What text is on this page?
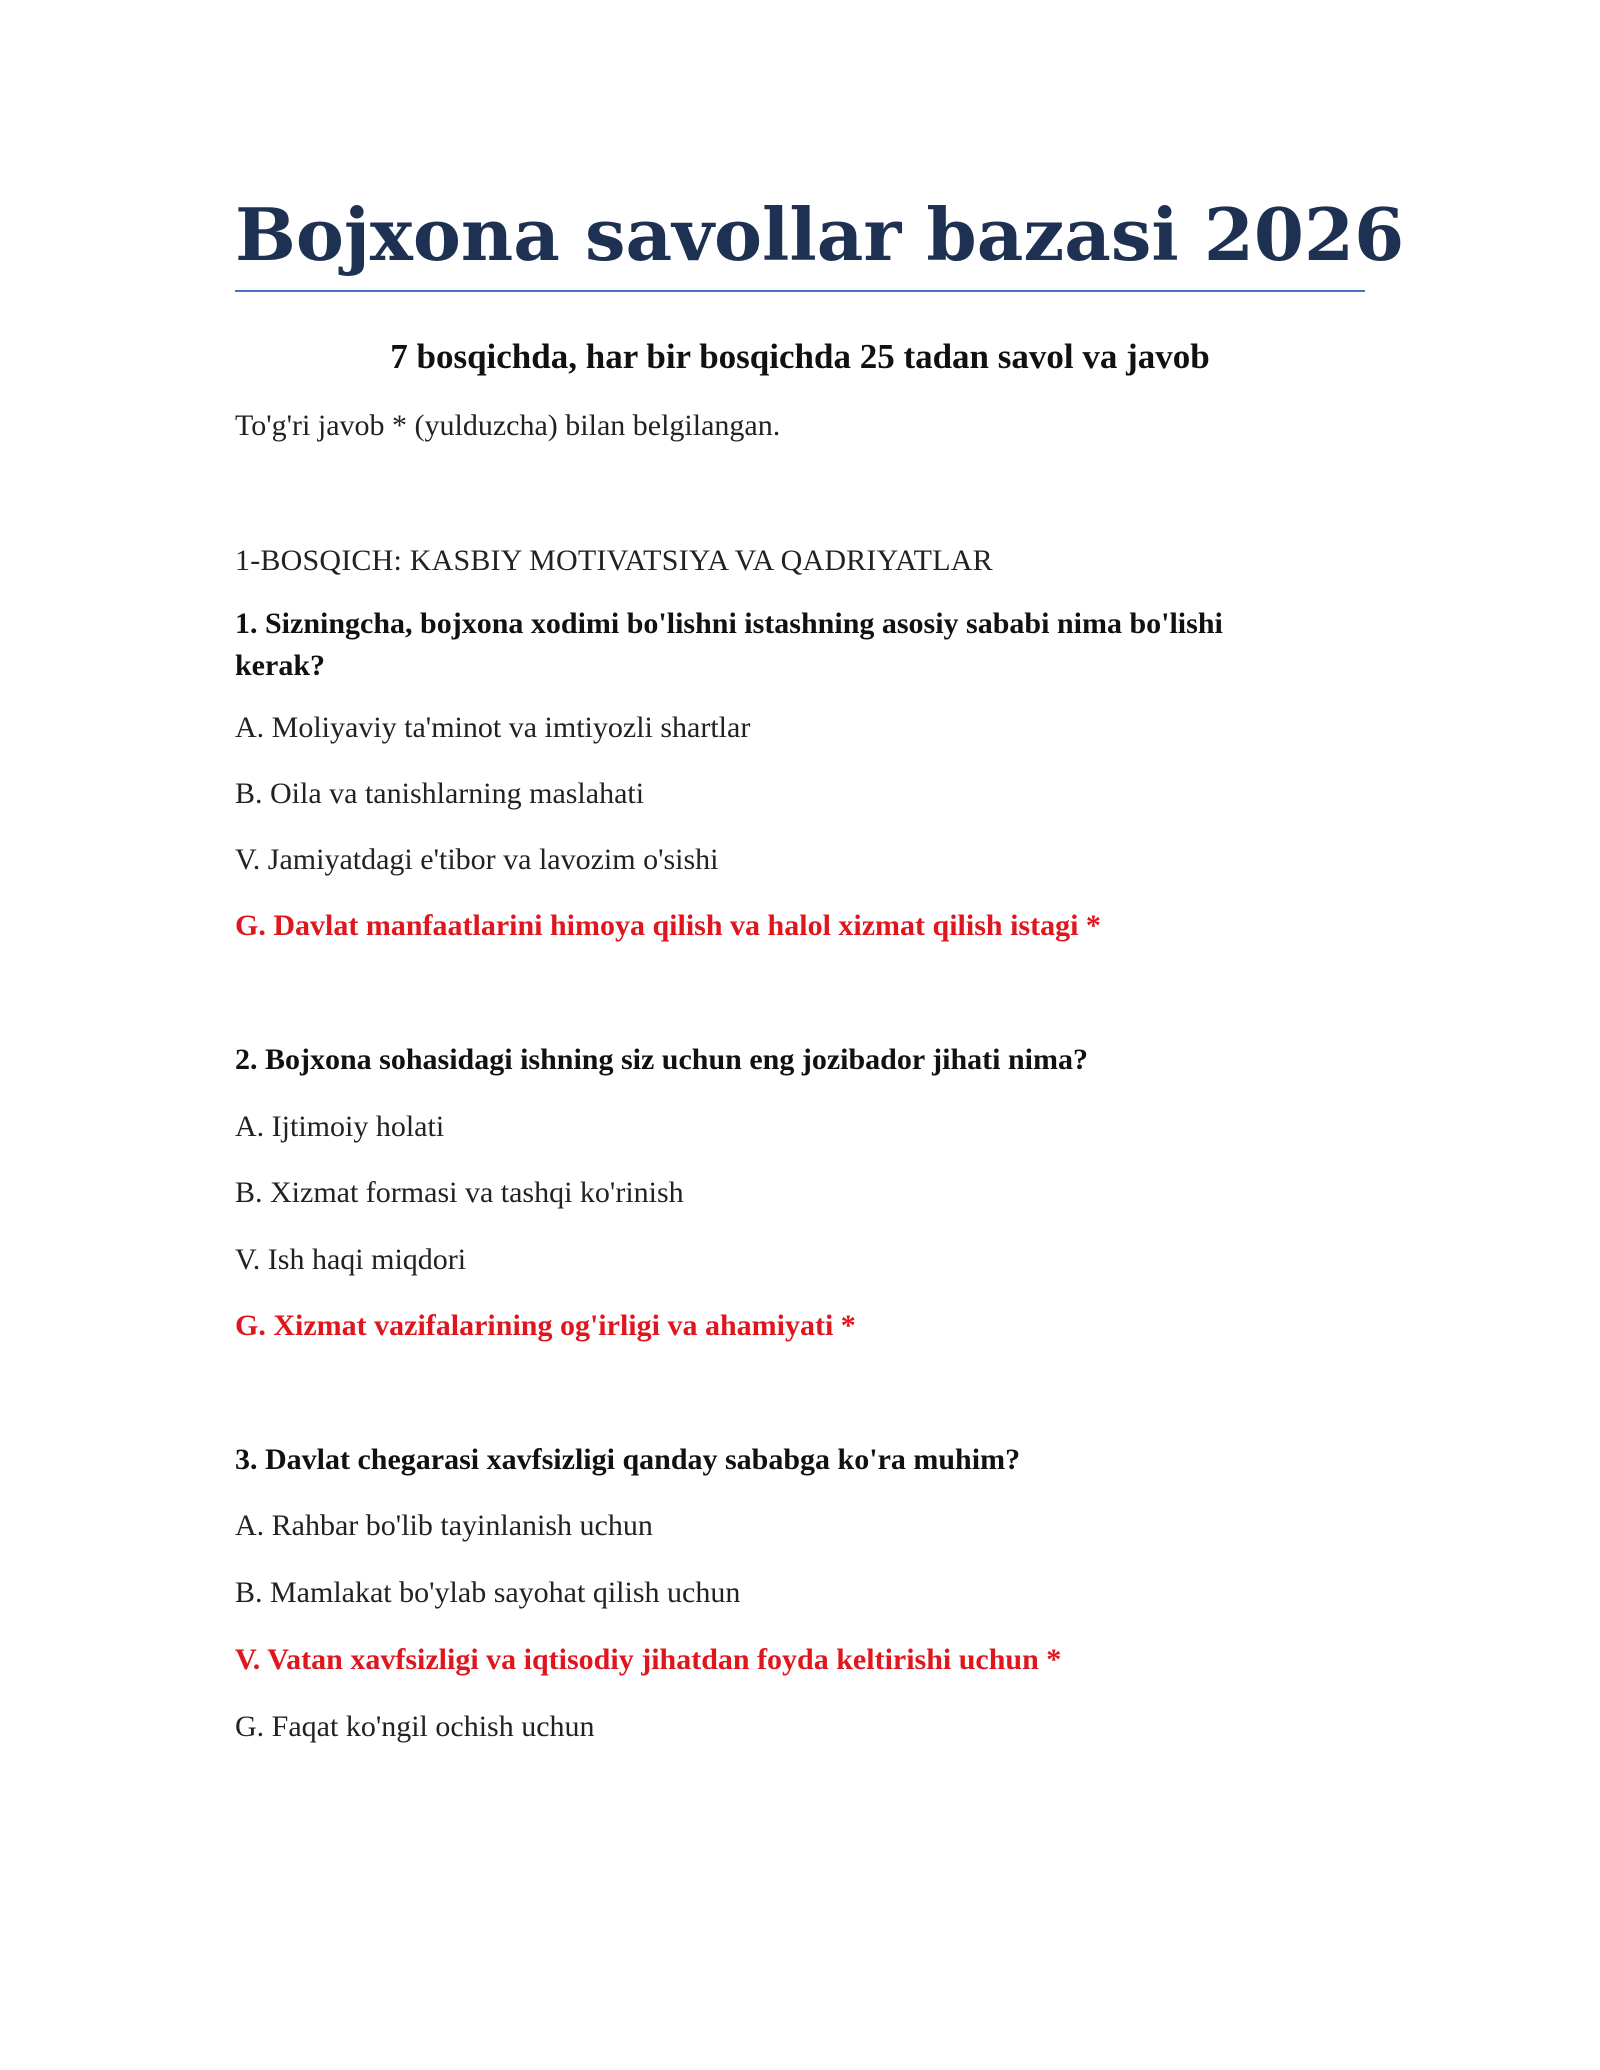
Bojxona savollar bazasi 2026
7 bosqichda, har bir bosqichda 25 tadan savol va javob

To'g'ri javob * (yulduzcha) bilan belgilangan.

1-BOSQICH: KASBIY MOTIVATSIYA VA QADRIYATLAR

1. Sizningcha, bojxona xodimi bo'lishni istashning asosiy sababi nima bo'lishi kerak?

A. Moliyaviy ta'minot va imtiyozli shartlar

B. Oila va tanishlarning maslahati

V. Jamiyatdagi e'tibor va lavozim o'sishi

G. Davlat manfaatlarini himoya qilish va halol xizmat qilish istagi *

2. Bojxona sohasidagi ishning siz uchun eng jozibador jihati nima?

A. Ijtimoiy holati

B. Xizmat formasi va tashqi ko'rinish

V. Ish haqi miqdori

G. Xizmat vazifalarining og'irligi va ahamiyati *

3. Davlat chegarasi xavfsizligi qanday sababga ko'ra muhim?

A. Rahbar bo'lib tayinlanish uchun

B. Mamlakat bo'ylab sayohat qilish uchun

V. Vatan xavfsizligi va iqtisodiy jihatdan foyda keltirishi uchun *

G. Faqat ko'ngil ochish uchun
